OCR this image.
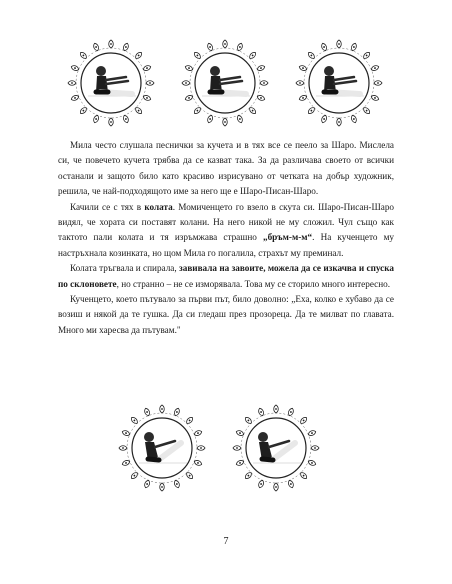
Мила често слушала песнички за кучета и в тях все се пеело за Шаро. Мислела си, че повечето кучета трябва да се казват така. За да различава своето от всички останали и защото било като красиво изрисувано от четката на добър художник, решила, че най-подходящото име за него ще е Шаро-Писан-Шаро.

Качили се с тях в колата. Момиченцето го взело в скута си. Шаро-Писан-Шаро видял, че хората си поставят колани. На него никой не му сложил. Чул също как тактото пали колата и тя изръмжава страшно „бръм-м-м“. На кученцето му настръхнала козинката, но щом Мила го погалила, страхът му преминал.

Колата тръгвала и спирала, завивала на завоите, можела да се изкачва и спуска по склоновете, но странно – не се изморявала. Това му се сторило много интересно.

Кученцето, което пътувало за първи път, било доволно: „Еха, колко е хубаво да се возиш и някой да те гушка. Да си гледаш през прозореца. Да те милват по главата. Много ми харесва да пътувам."

7
